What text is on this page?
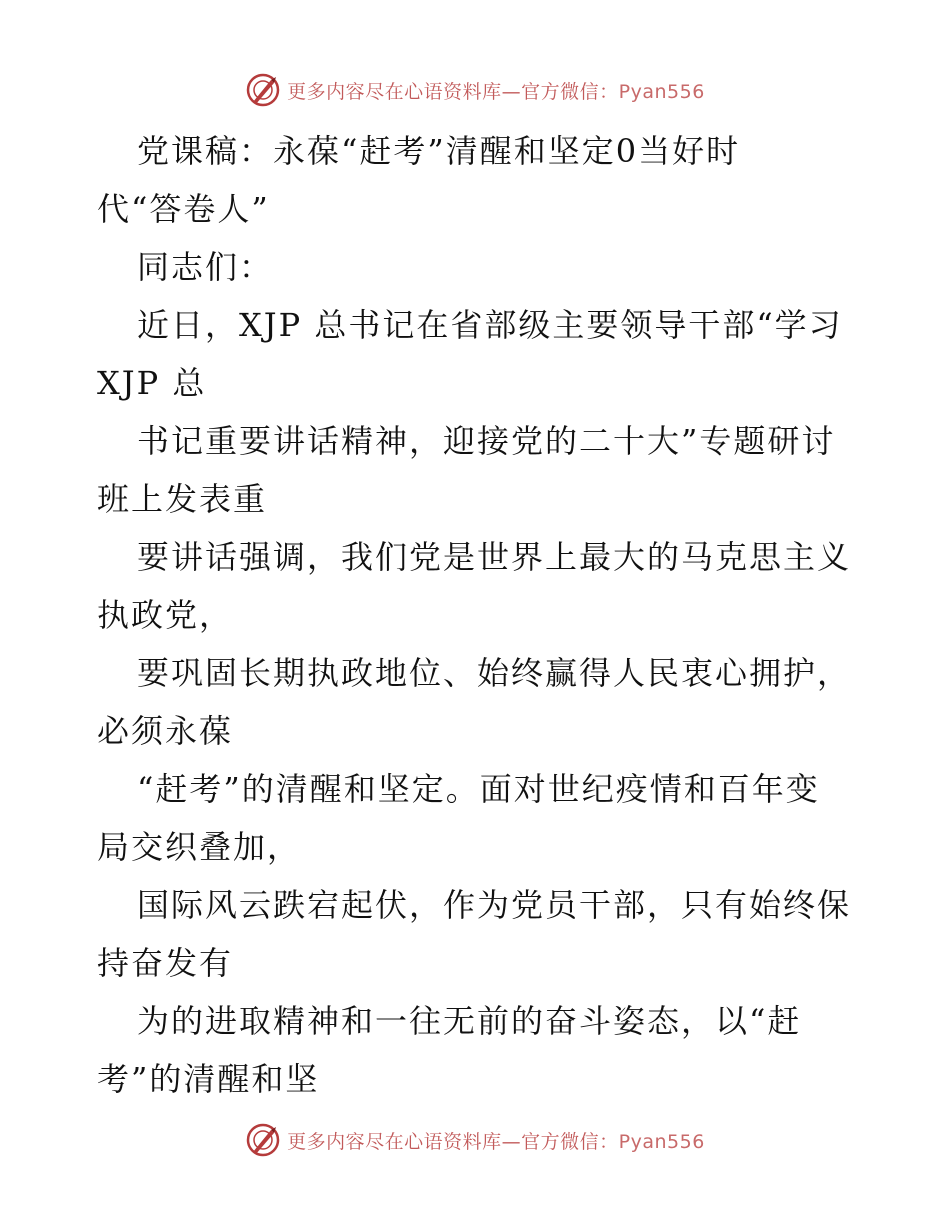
更多内容尽在心语资料库—官方微信：Pyan556
党课稿：永葆“赶考”清醒和坚定0当好时
代“答卷人”
同志们：
近日，XJP 总书记在省部级主要领导干部“学习
XJP 总
书记重要讲话精神，迎接党的二十大”专题研讨
班上发表重
要讲话强调，我们党是世界上最大的马克思主义
执政党，
要巩固长期执政地位、始终赢得人民衷心拥护，
必须永葆
“赶考”的清醒和坚定。面对世纪疫情和百年变
局交织叠加，
国际风云跌宕起伏，作为党员干部，只有始终保
持奋发有
为的进取精神和一往无前的奋斗姿态，以“赶
考”的清醒和坚
更多内容尽在心语资料库—官方微信：Pyan556
